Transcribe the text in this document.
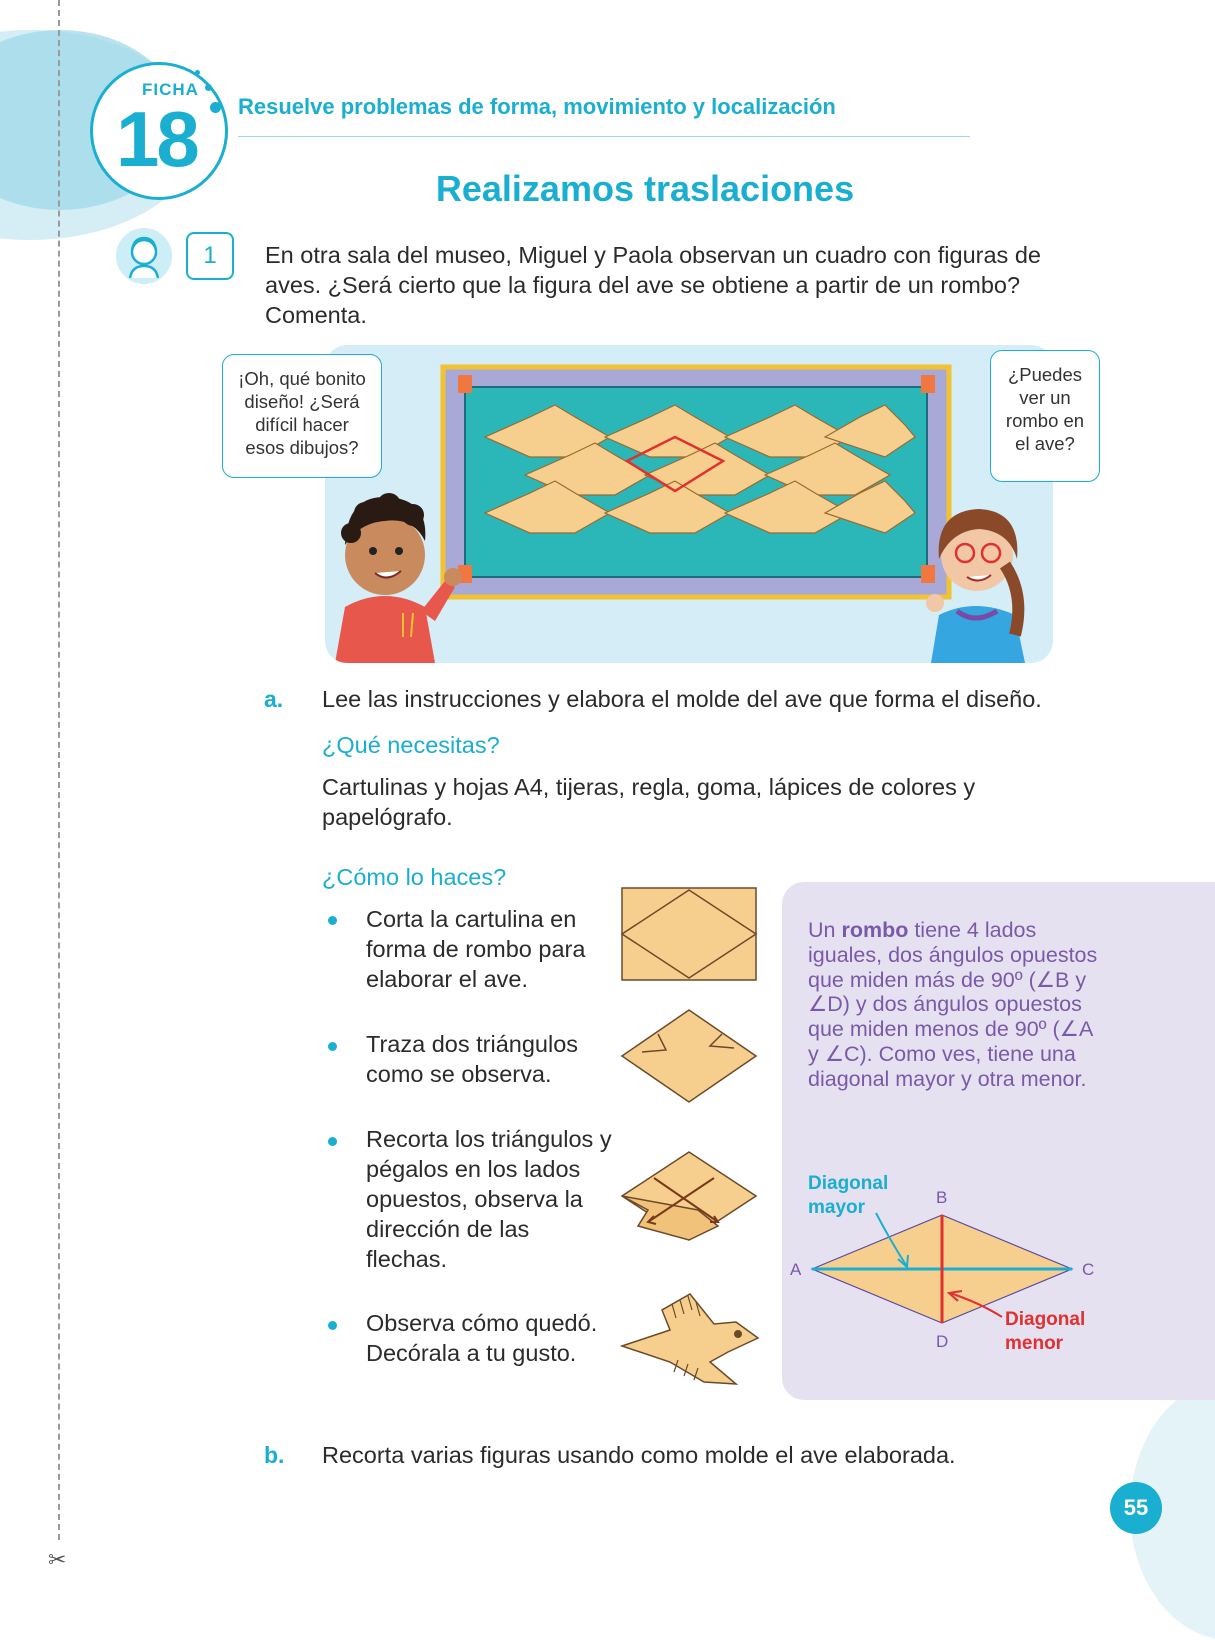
✂
FICHA
18 Resuelve problemas de forma, movimiento y localización
Realizamos traslaciones
1	En otra sala del museo, Miguel y Paola observan un cuadro con figuras de aves. ¿Será cierto que la figura del ave se obtiene a partir de un rombo?
Comenta.
¡Oh, qué bonito
diseño! ¿Será
difícil hacer
esos dibujos?
¿Puedes
ver un
rombo en
el ave?
a. Lee las instrucciones y elabora el molde del ave que forma el diseño.
¿Qué necesitas?
Cartulinas y hojas A4, tijeras, regla, goma, lápices de colores y papelógrafo.
¿Cómo lo haces?
Corta la cartulina en forma de rombo para elaborar el ave.
Traza dos triángulos como se observa.
Recorta los triángulos y pégalos en los lados opuestos, observa la dirección de las flechas.
Observa cómo quedó.
Decórala a tu gusto.
Un rombo tiene 4 lados iguales, dos ángulos opuestos que miden más de 90º (∠B y ∠D) y dos ángulos opuestos que miden menos de 90º (∠A y ∠C). Como ves, tiene una diagonal mayor y otra menor.
Diagonal
mayor
Diagonal
menor
A
B
C
D
b. Recorta varias figuras usando como molde el ave elaborada.
55
